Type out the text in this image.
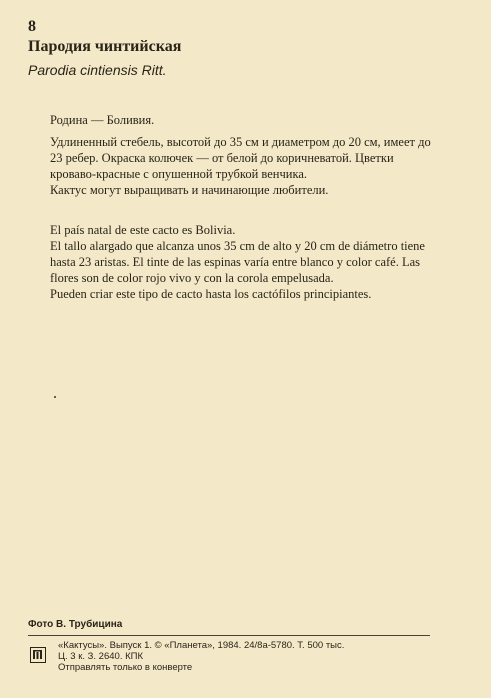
8
Пародия чинтийская
Parodia cintiensis Ritt.

Родина — Боливия.

Удлиненный стебель, высотой до 35 см и диаметром до 20 см, имеет до 23 ребер. Окраска колючек — от белой до коричневатой. Цветки кроваво-красные с опушенной трубкой венчика.

Кактус могут выращивать и начинающие любители.

El país natal de este cacto es Bolivia.

El tallo alargado que alcanza unos 35 cm de alto y 20 cm de diámetro tiene hasta 23 aristas. El tinte de las espinas varía entre blanco y color café. Las flores son de color rojo vivo y con la corola empelusada.

Pueden criar este tipo de cacto hasta los cactófilos principiantes.

Фото В. Трубицина
«Кактусы». Выпуск 1. © «Планета», 1984. 24/8а-5780. Т. 500 тыс.
Ц. 3 к. З. 2640. КПК
Отправлять только в конверте
